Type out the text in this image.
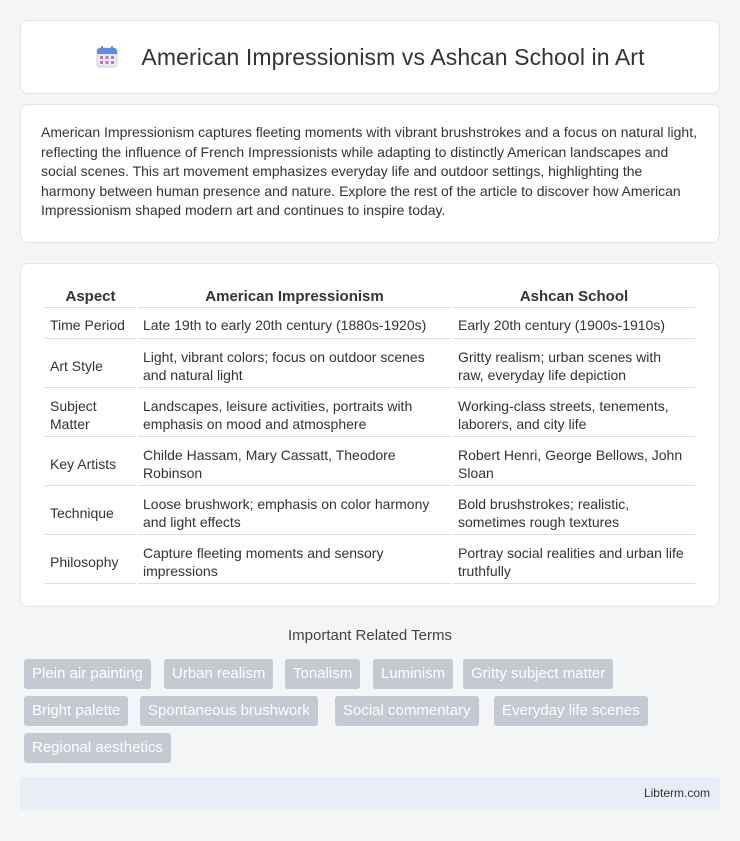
American Impressionism vs Ashcan School in Art

American Impressionism captures fleeting moments with vibrant brushstrokes and a focus on natural light, reflecting the influence of French Impressionists while adapting to distinctly American landscapes and social scenes. This art movement emphasizes everyday life and outdoor settings, highlighting the harmony between human presence and nature. Explore the rest of the article to discover how American Impressionism shaped modern art and continues to inspire today.

Aspect	American Impressionism	Ashcan School
Time Period	Late 19th to early 20th century (1880s-1920s)	Early 20th century (1900s-1910s)
Art Style	Light, vibrant colors; focus on outdoor scenes and natural light	Gritty realism; urban scenes with raw, everyday life depiction
Subject Matter	Landscapes, leisure activities, portraits with emphasis on mood and atmosphere	Working-class streets, tenements, laborers, and city life
Key Artists	Childe Hassam, Mary Cassatt, Theodore Robinson	Robert Henri, George Bellows, John Sloan
Technique	Loose brushwork; emphasis on color harmony and light effects	Bold brushstrokes; realistic, sometimes rough textures
Philosophy	Capture fleeting moments and sensory impressions	Portray social realities and urban life truthfully
Important Related Terms
Plein air painting	Urban realism	Tonalism	Luminism	Gritty subject matter
Bright palette	Spontaneous brushwork	Social commentary	Everyday life scenes
Regional aesthetics
Libterm.com
